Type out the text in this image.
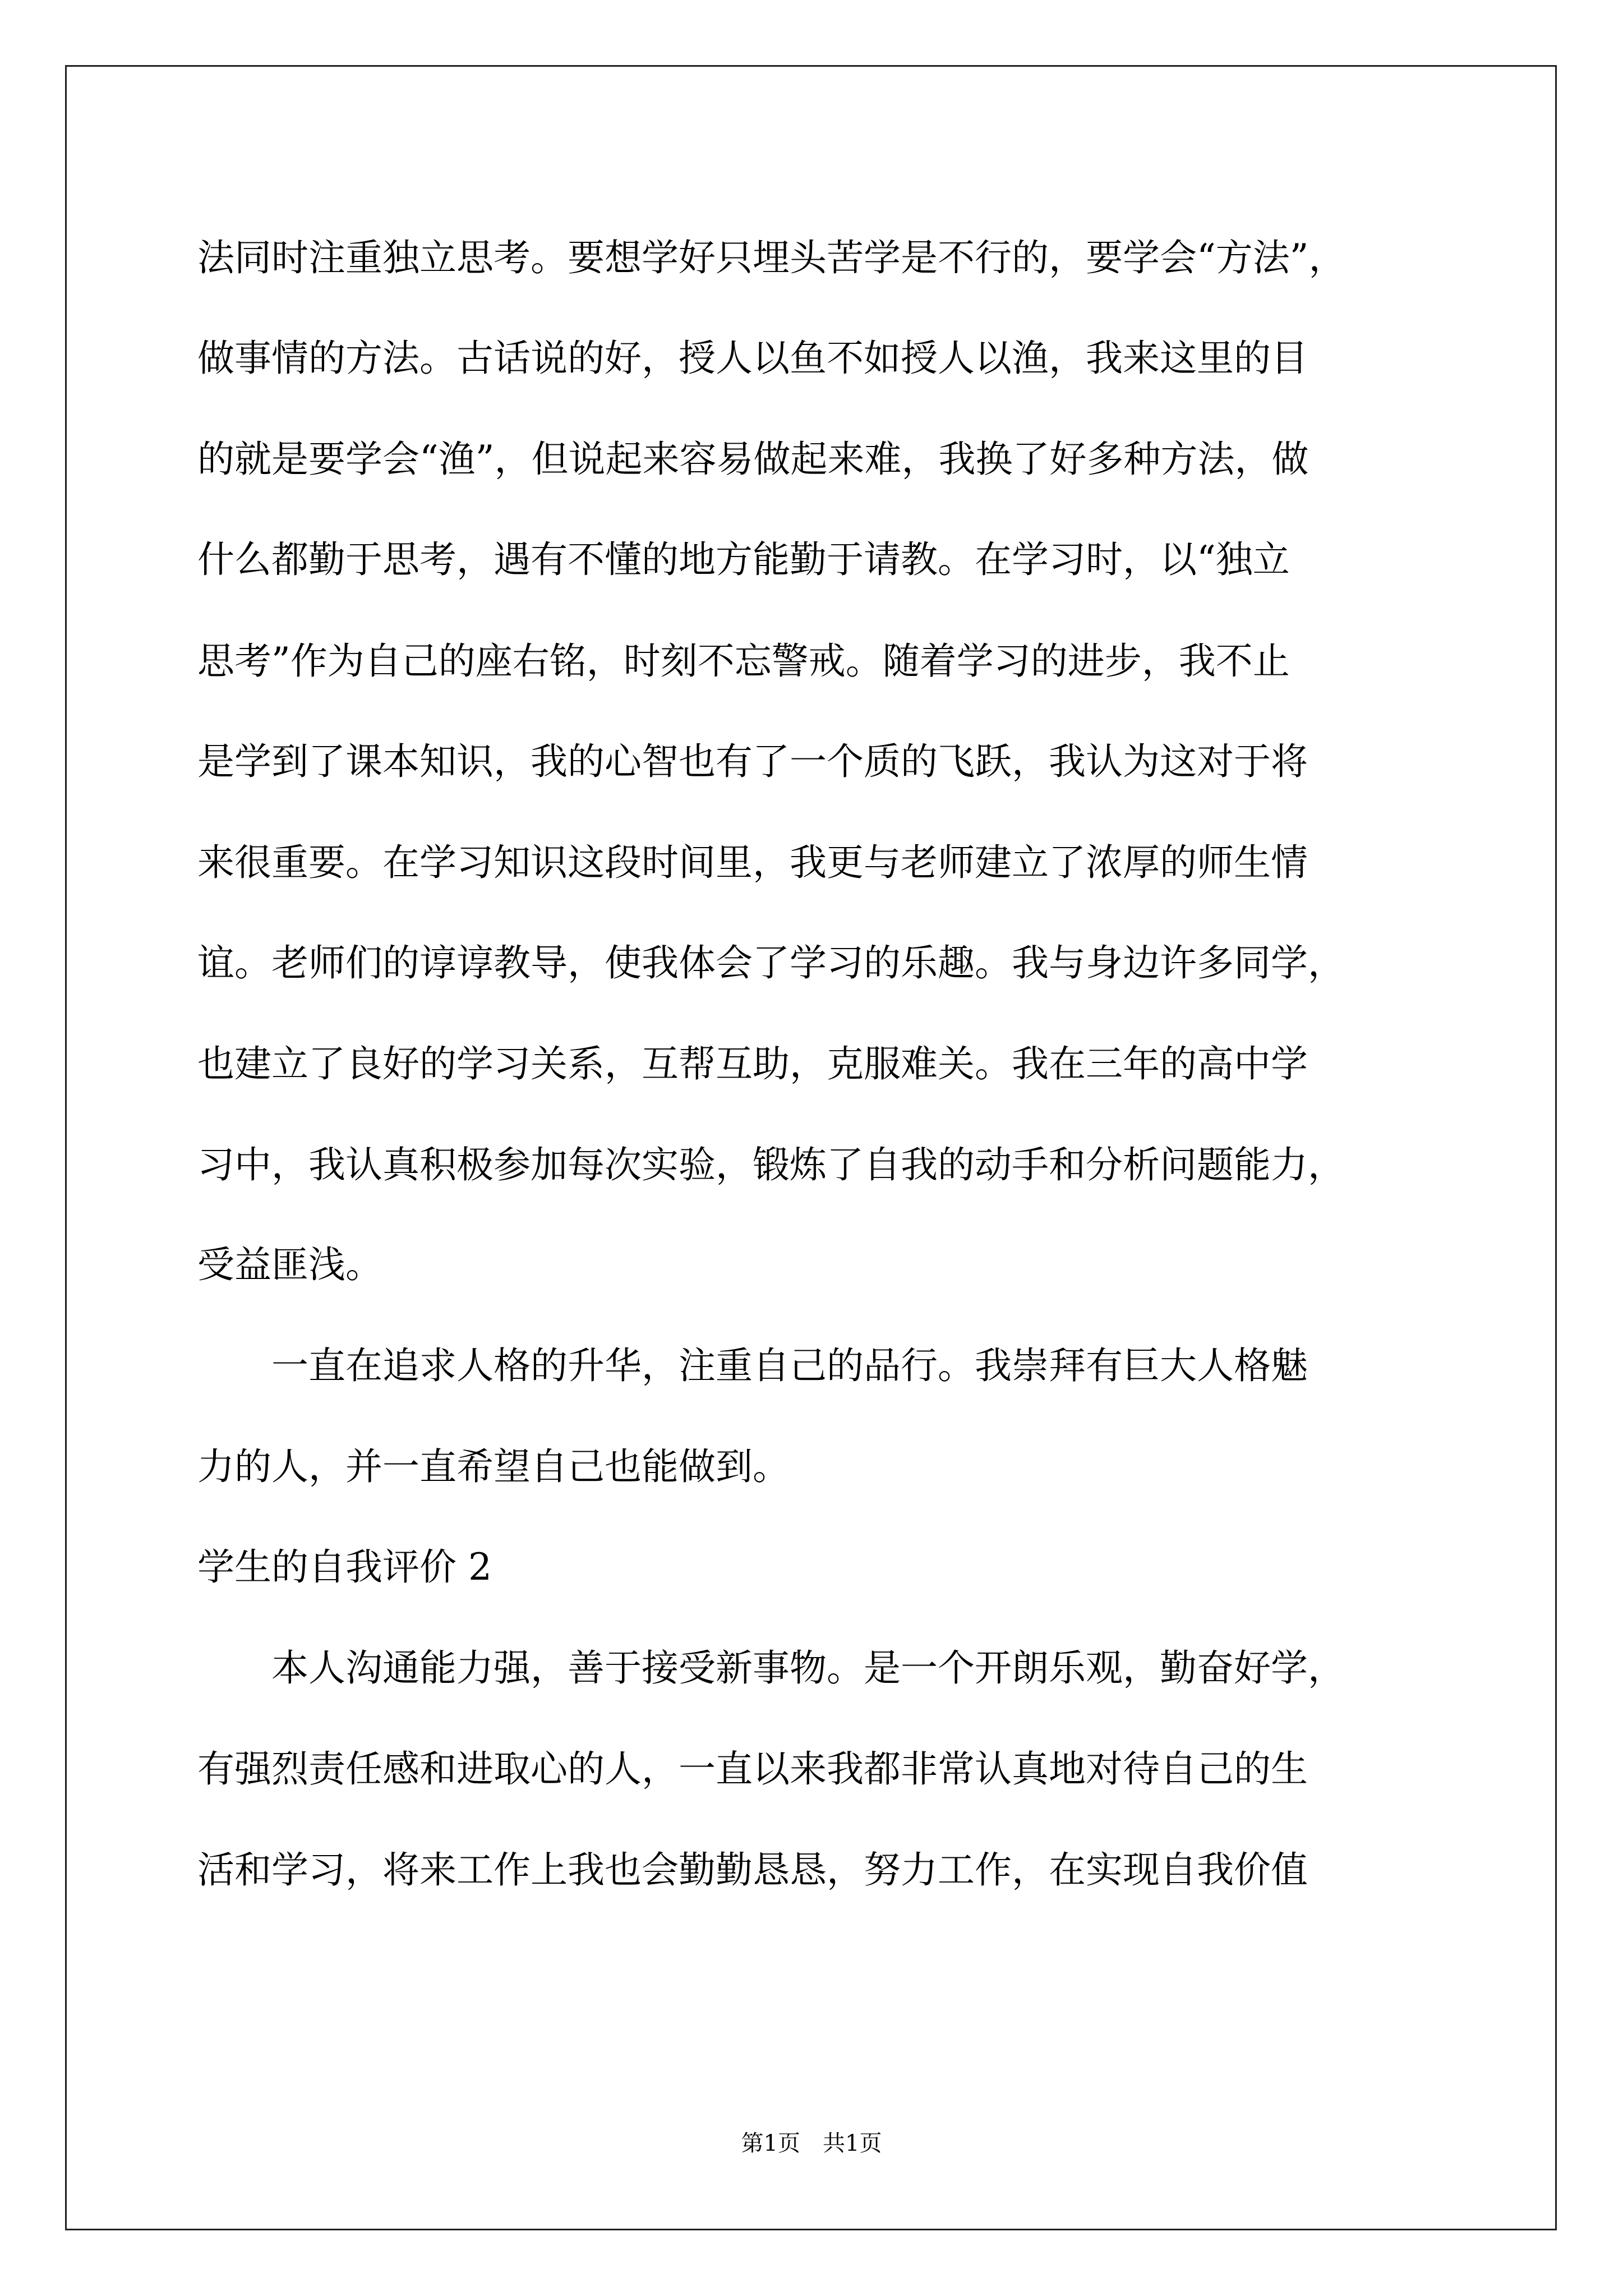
法同时注重独立思考。要想学好只埋头苦学是不行的，要学会“方法”，
做事情的方法。古话说的好，授人以鱼不如授人以渔，我来这里的目
的就是要学会“渔”，但说起来容易做起来难，我换了好多种方法，做
什么都勤于思考，遇有不懂的地方能勤于请教。在学习时，以“独立
思考”作为自己的座右铭，时刻不忘警戒。随着学习的进步，我不止
是学到了课本知识，我的心智也有了一个质的飞跃，我认为这对于将
来很重要。在学习知识这段时间里，我更与老师建立了浓厚的师生情
谊。老师们的谆谆教导，使我体会了学习的乐趣。我与身边许多同学，
也建立了良好的学习关系，互帮互助，克服难关。我在三年的高中学
习中，我认真积极参加每次实验，锻炼了自我的动手和分析问题能力，
受益匪浅。
　　一直在追求人格的升华，注重自己的品行。我崇拜有巨大人格魅
力的人，并一直希望自己也能做到。
学生的自我评价 2
　　本人沟通能力强，善于接受新事物。是一个开朗乐观，勤奋好学，
有强烈责任感和进取心的人，一直以来我都非常认真地对待自己的生
活和学习，将来工作上我也会勤勤恳恳，努力工作，在实现自我价值
第1页　共1页
